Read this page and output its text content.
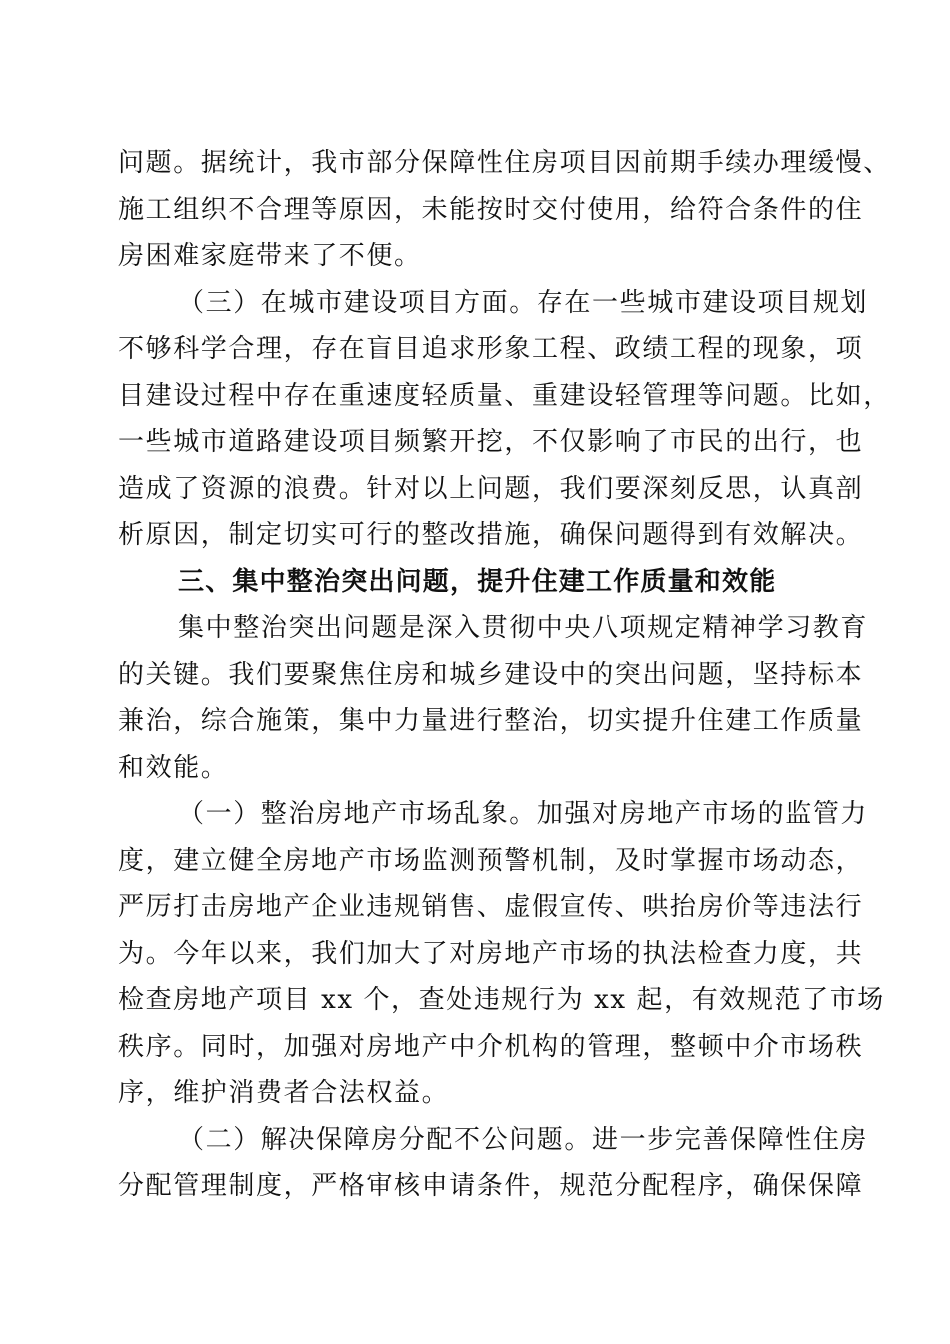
问题。据统计，我市部分保障性住房项目因前期手续办理缓慢、
施工组织不合理等原因，未能按时交付使用，给符合条件的住
房困难家庭带来了不便。
（三）在城市建设项目方面。存在一些城市建设项目规划
不够科学合理，存在盲目追求形象工程、政绩工程的现象，项
目建设过程中存在重速度轻质量、重建设轻管理等问题。比如，
一些城市道路建设项目频繁开挖，不仅影响了市民的出行，也
造成了资源的浪费。针对以上问题，我们要深刻反思，认真剖
析原因，制定切实可行的整改措施，确保问题得到有效解决。
三、集中整治突出问题，提升住建工作质量和效能
集中整治突出问题是深入贯彻中央八项规定精神学习教育
的关键。我们要聚焦住房和城乡建设中的突出问题，坚持标本
兼治，综合施策，集中力量进行整治，切实提升住建工作质量
和效能。
（一）整治房地产市场乱象。加强对房地产市场的监管力
度，建立健全房地产市场监测预警机制，及时掌握市场动态，
严厉打击房地产企业违规销售、虚假宣传、哄抬房价等违法行
为。今年以来，我们加大了对房地产市场的执法检查力度，共
检查房地产项目 xx 个，查处违规行为 xx 起，有效规范了市场
秩序。同时，加强对房地产中介机构的管理，整顿中介市场秩
序，维护消费者合法权益。
（二）解决保障房分配不公问题。进一步完善保障性住房
分配管理制度，严格审核申请条件，规范分配程序，确保保障
